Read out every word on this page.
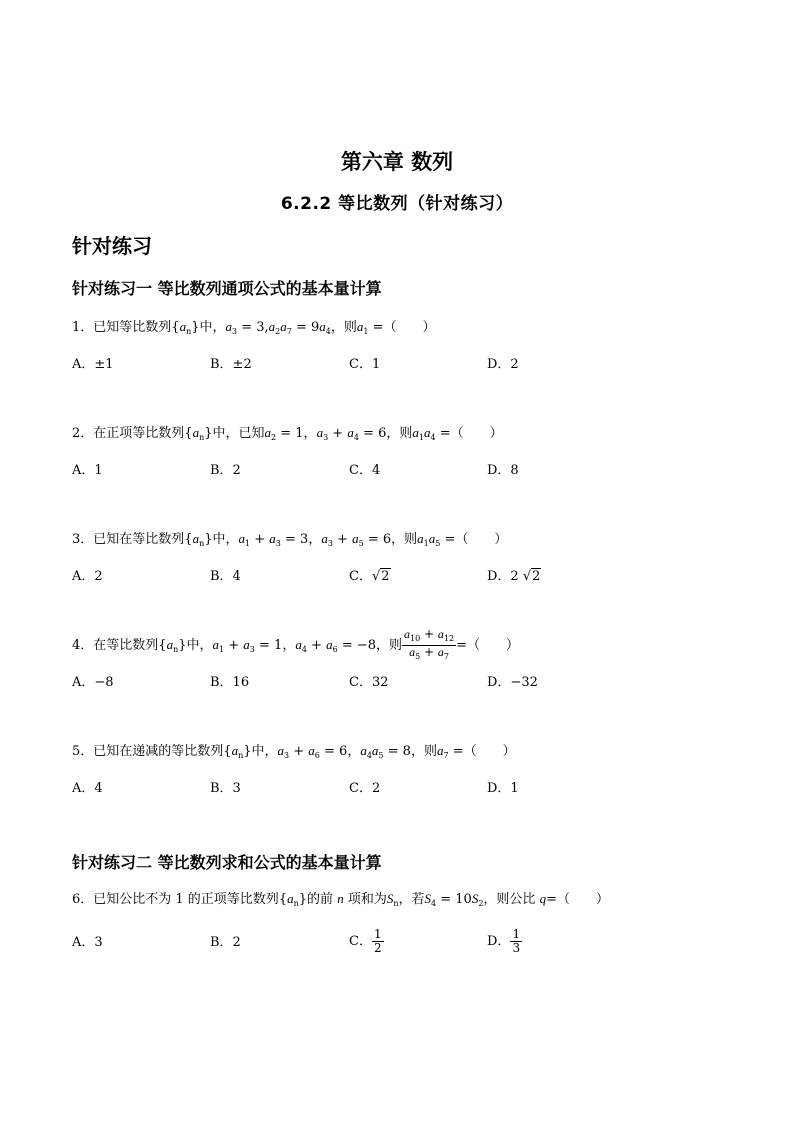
第六章 数列
6.2.2 等比数列（针对练习）
针对练习
针对练习一 等比数列通项公式的基本量计算
1．已知等比数列$\{a_n\}$中，$a_3 = 3,a_2a_7 = 9a_4$，则$a_1$ =（　　）
A．±1	B．±2	C．1	D．2
2．在正项等比数列$\{a_n\}$中，已知$a_2 = 1$，$a_3 + a_4 = 6$，则$a_1a_4$ =（　　）
A．1	B．2	C．4	D．8
3．已知在等比数列$\{a_n\}$中，$a_1 + a_3 = 3$，$a_3 + a_5 = 6$，则$a_1a_5$ =（　　）
A．2	B．4	C．√2	D．2 √2
4．在等比数列$\{a_n\}$中，$a_1 + a_3 = 1$，$a_4 + a_6 = -8$，则 $\frac{a_{10} + a_{12}}{a_5 + a_7}$ =（　　）
A．−8	B．16	C．32	D．−32
5．已知在递减的等比数列$\{a_n\}$中，$a_3 + a_6 = 6$，$a_4a_5 = 8$，则$a_7$ =（　　）
A．4	B．3	C．2	D．1
针对练习二 等比数列求和公式的基本量计算
6．已知公比不为 1 的正项等比数列$\{a_n\}$的前 n 项和为$S_n$，若$S_4 = 10S_2$，则公比 q=（　　）
A．3	B．2	C． $\frac{1}{2}$	D． $\frac{1}{3}$
